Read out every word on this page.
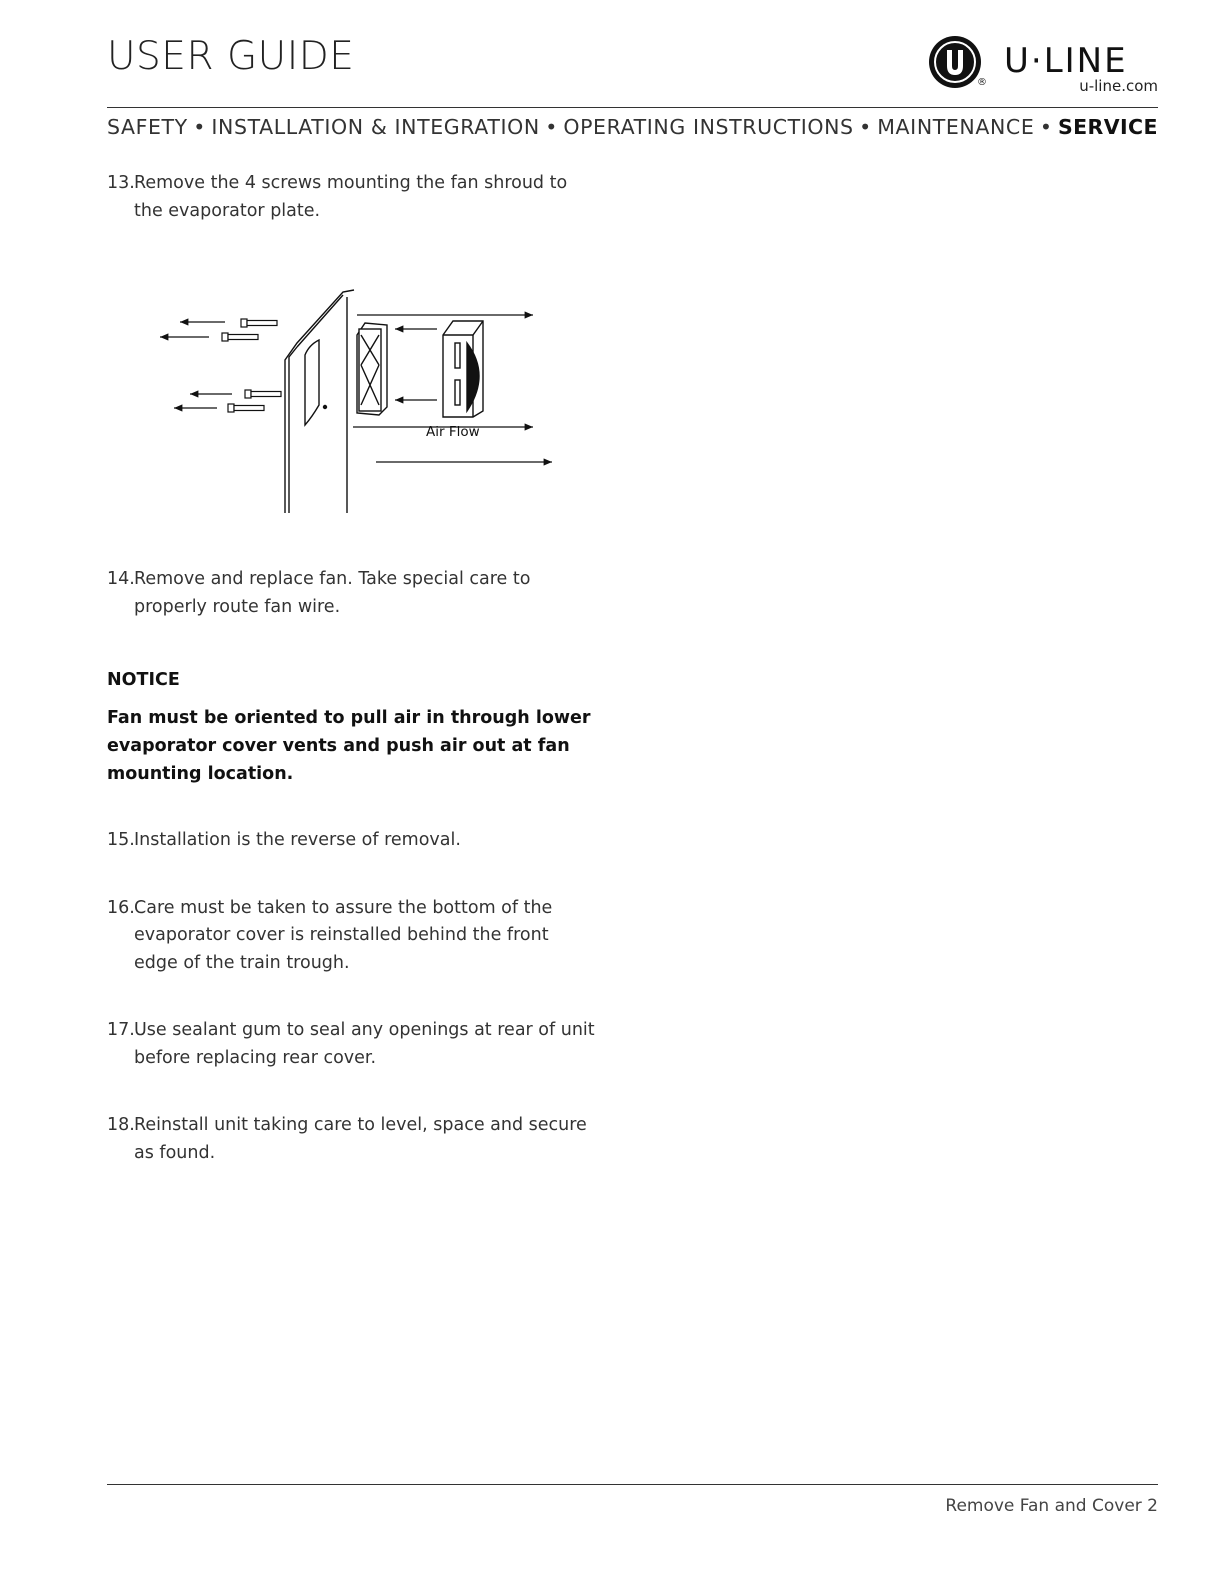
USER GUIDE
®
U·LINE
u-line.com
SAFETY • INSTALLATION & INTEGRATION • OPERATING INSTRUCTIONS • MAINTENANCE • SERVICE
13. Remove the 4 screws mounting the fan shroud to the evaporator plate.
Air Flow
14. Remove and replace fan. Take special care to properly route fan wire.
NOTICE
Fan must be oriented to pull air in through lower evaporator cover vents and push air out at fan mounting location.
15. Installation is the reverse of removal.
16. Care must be taken to assure the bottom of the evaporator cover is reinstalled behind the front edge of the train trough.
17. Use sealant gum to seal any openings at rear of unit before replacing rear cover.
18. Reinstall unit taking care to level, space and secure as found.
Remove Fan and Cover 2
